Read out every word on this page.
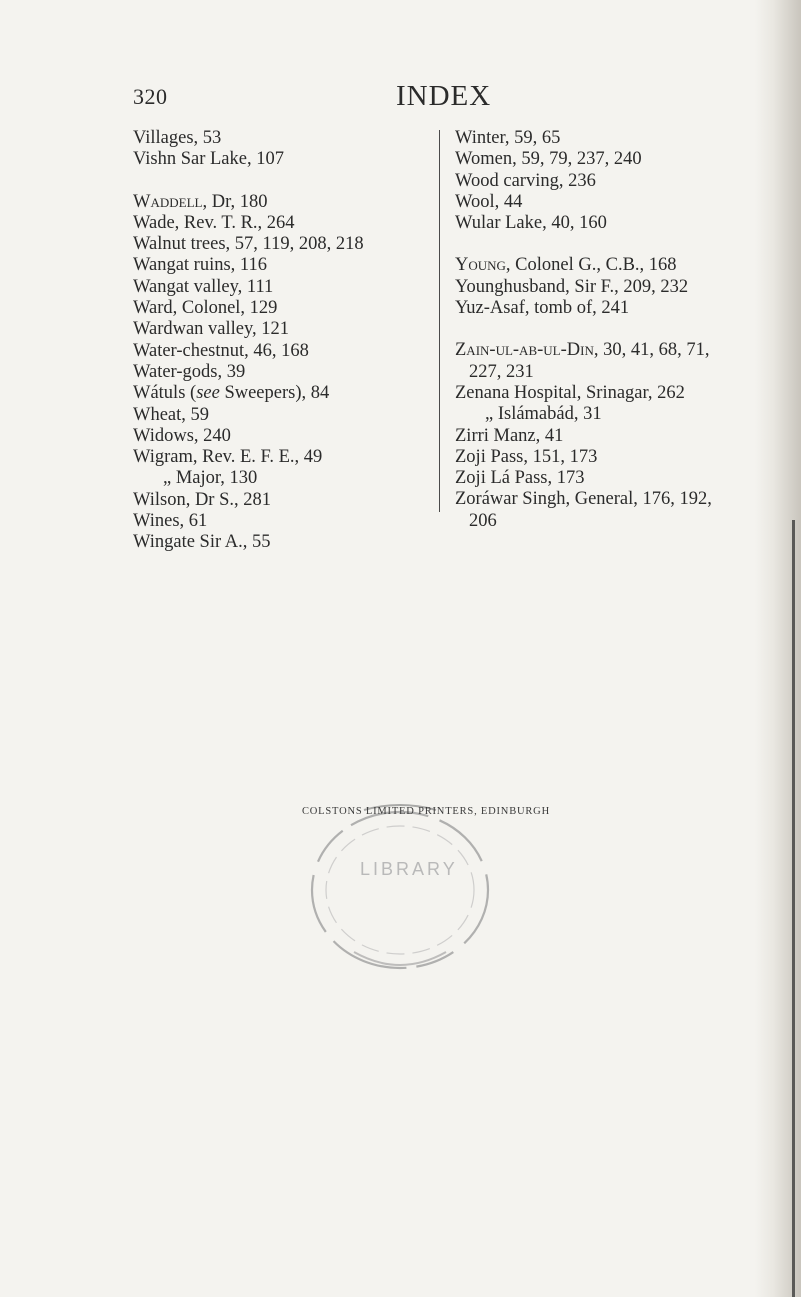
320	INDEX
Villages, 53
Vishn Sar Lake, 107
Waddell, Dr, 180
Wade, Rev. T. R., 264
Walnut trees, 57, 119, 208, 218
Wangat ruins, 116
Wangat valley, 111
Ward, Colonel, 129
Wardwan valley, 121
Water-chestnut, 46, 168
Water-gods, 39
Wátuls (see Sweepers), 84
Wheat, 59
Widows, 240
Wigram, Rev. E. F. E., 49
„ Major, 130
Wilson, Dr S., 281
Wines, 61
Wingate Sir A., 55
Winter, 59, 65
Women, 59, 79, 237, 240
Wood carving, 236
Wool, 44
Wular Lake, 40, 160
Young, Colonel G., C.B., 168
Younghusband, Sir F., 209, 232
Yuz-Asaf, tomb of, 241
Zain-ul-ab-ul-Din, 30, 41, 68, 71,
227, 231
Zenana Hospital, Srinagar, 262
„ Islámabád, 31
Zirri Manz, 41
Zoji Pass, 151, 173
Zoji Lá Pass, 173
Zoráwar Singh, General, 176, 192,
206
LIBRARY
COLSTONS LIMITED PRINTERS, EDINBURGH
